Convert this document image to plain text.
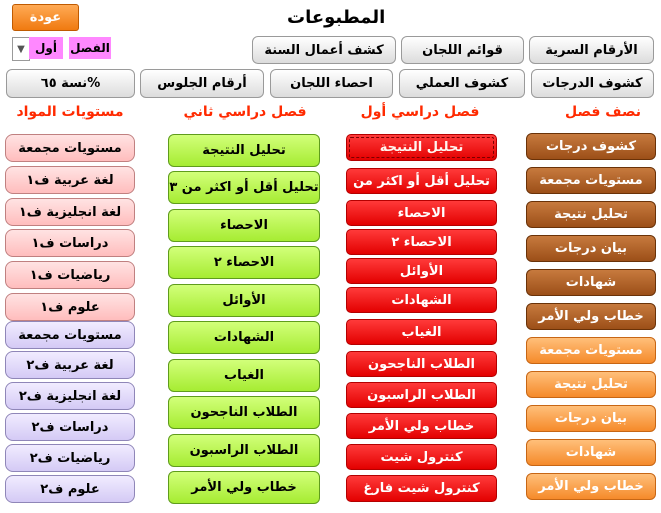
المطبوعات
عودة
▼ أول	الفصل	الأرقام السرية
قوائم اللجان
كشف أعمال السنة
كشوف الدرجات
كشوف العملي
احصاء اللجان
أرقام الجلوس
نسة ٦٥%
نصف فصل
فصل دراسي أول
فصل دراسي ثاني
مستويات المواد
كشوف درجات
مستويات مجمعة
تحليل نتيجة
بيان درجات
شهادات
خطاب ولي الأمر
مستويات مجمعة
تحليل نتيجة
بيان درجات
شهادات
خطاب ولي الأمر
تحليل النتيجة
تحليل أقل أو اكثر من
الاحصاء
الاحصاء ٢
الأوائل
الشهادات
الغياب
الطلاب الناجحون
الطلاب الراسبون
خطاب ولي الأمر
كنترول شيت
كنترول شيت فارغ
تحليل النتيجة
تحليل أقل أو اكثر من ٣
الاحصاء
الاحصاء ٢
الأوائل
الشهادات
الغياب
الطلاب الناجحون
الطلاب الراسبون
خطاب ولي الأمر
مستويات مجمعة
لغة عربية ف١
لغة انجليزية ف١
دراسات ف١
رياضيات ف١
علوم ف١
مستويات مجمعة
لغة عربية ف٢
لغة انجليزية ف٢
دراسات ف٢
رياضيات ف٢
علوم ف٢
